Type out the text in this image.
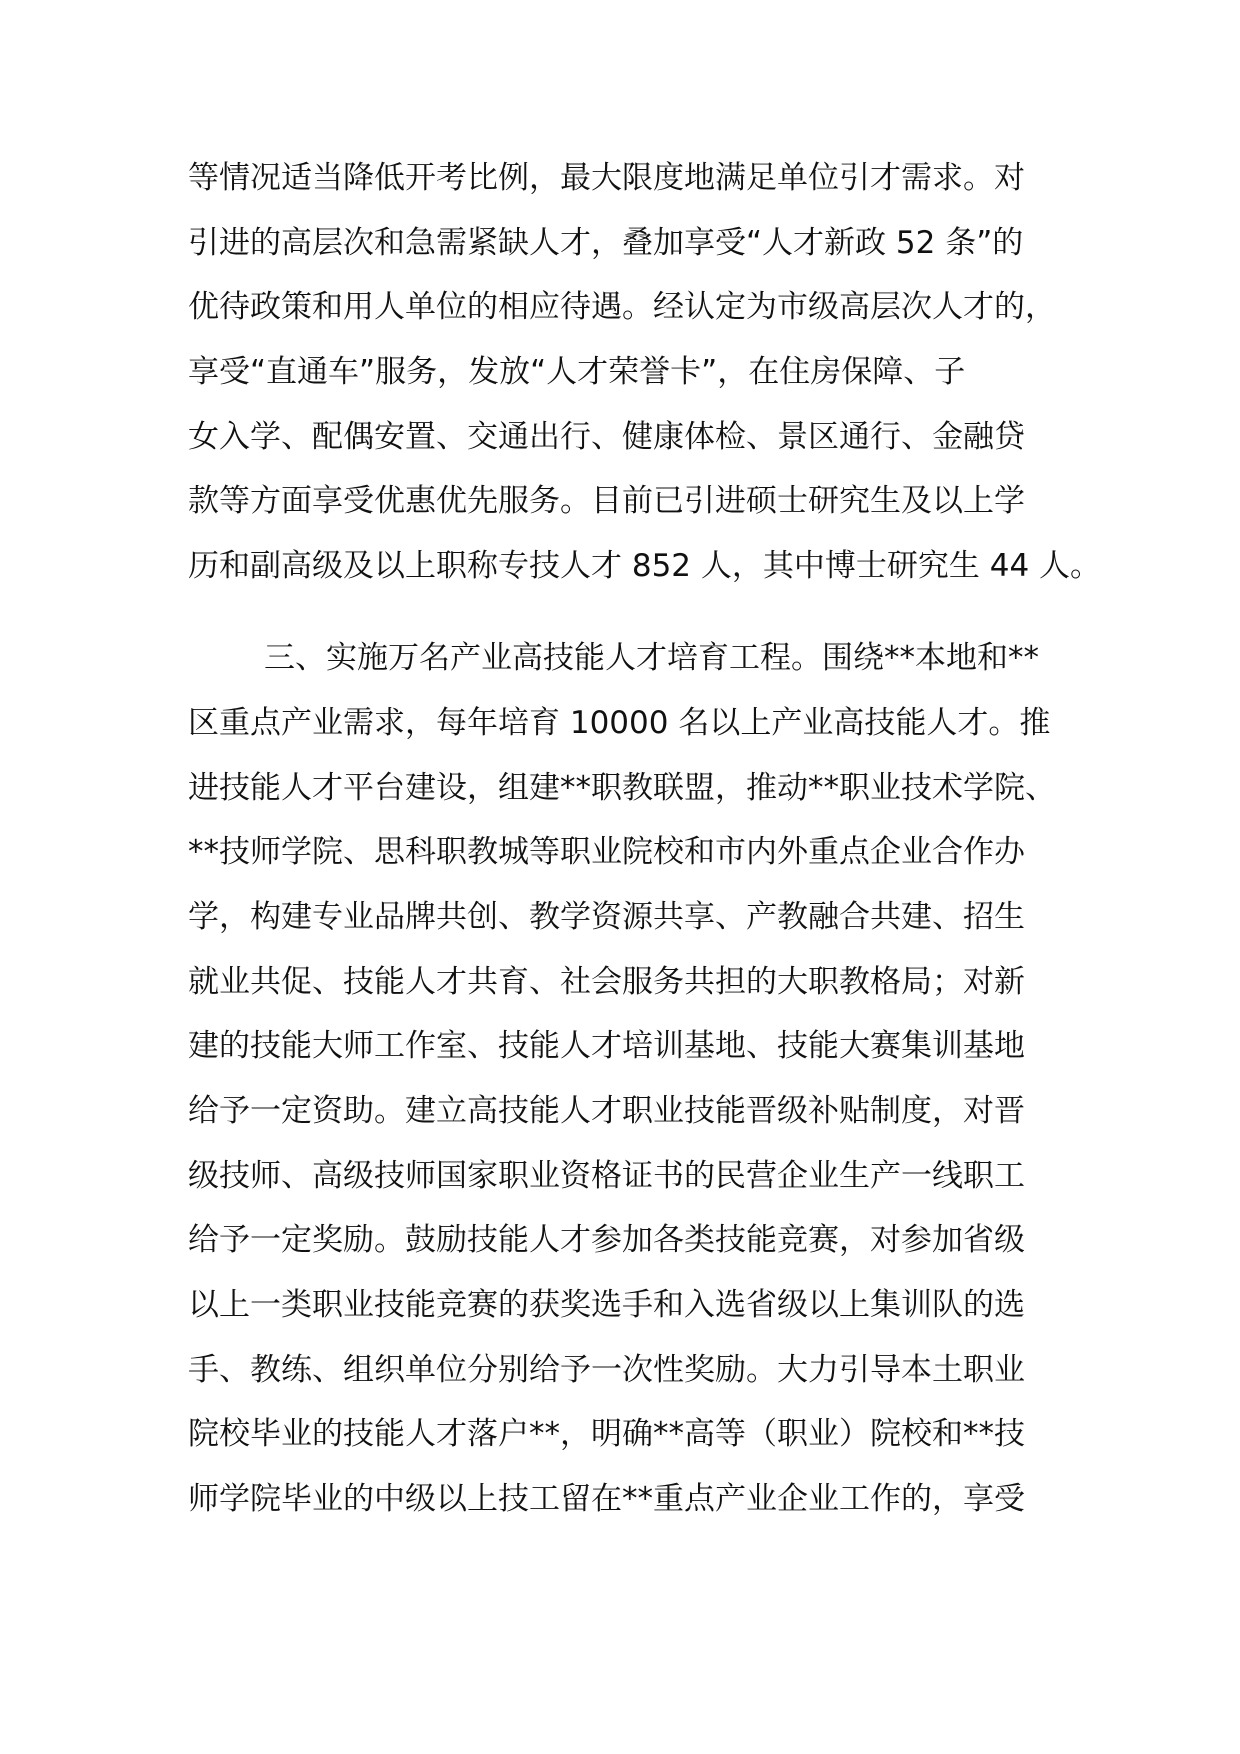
等情况适当降低开考比例，最大限度地满足单位引才需求。对
引进的高层次和急需紧缺人才，叠加享受“人才新政 52 条”的
优待政策和用人单位的相应待遇。经认定为市级高层次人才的，
享受“直通车”服务，发放“人才荣誉卡”，在住房保障、子
女入学、配偶安置、交通出行、健康体检、景区通行、金融贷
款等方面享受优惠优先服务。目前已引进硕士研究生及以上学
历和副高级及以上职称专技人才 852 人，其中博士研究生 44 人。
三、实施万名产业高技能人才培育工程。围绕**本地和**
区重点产业需求，每年培育 10000 名以上产业高技能人才。推
进技能人才平台建设，组建**职教联盟，推动**职业技术学院、
**技师学院、思科职教城等职业院校和市内外重点企业合作办
学，构建专业品牌共创、教学资源共享、产教融合共建、招生
就业共促、技能人才共育、社会服务共担的大职教格局；对新
建的技能大师工作室、技能人才培训基地、技能大赛集训基地
给予一定资助。建立高技能人才职业技能晋级补贴制度，对晋
级技师、高级技师国家职业资格证书的民营企业生产一线职工
给予一定奖励。鼓励技能人才参加各类技能竞赛，对参加省级
以上一类职业技能竞赛的获奖选手和入选省级以上集训队的选
手、教练、组织单位分别给予一次性奖励。大力引导本土职业
院校毕业的技能人才落户**，明确**高等（职业）院校和**技
师学院毕业的中级以上技工留在**重点产业企业工作的，享受
